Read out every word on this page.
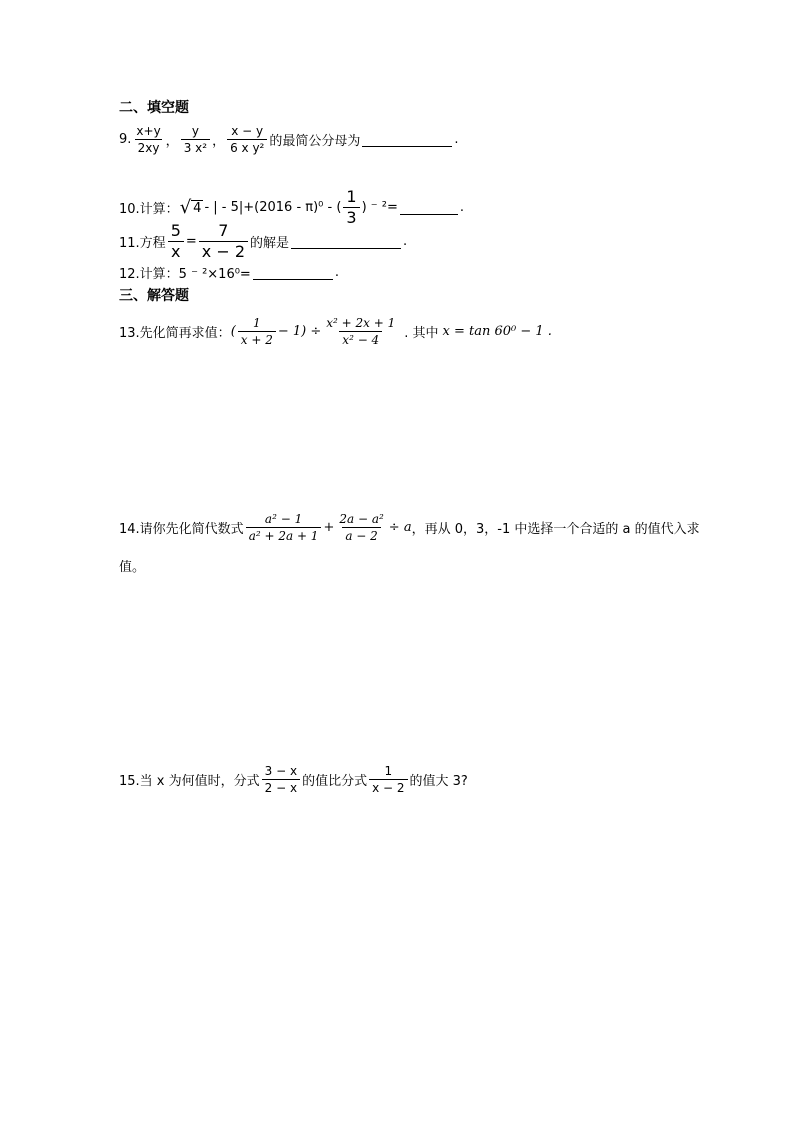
二、填空题
9. $\frac{x+y}{2xy}$ ， $\frac{y}{\text{3 x²}}$ ， $\frac{x - y}{\text{6 x y²}}$ 的最简公分母为	.
10.计算： √ 4 - | - 5|+(2016 - π)⁰ - ( $\frac{1}{3}$ ) ⁻ ²=	.
11.方程 $\frac{5}{x} = \frac{7}{x - 2}$ 的解是	.
12.计算：5 ⁻ ²×16⁰=	.
三、解答题
13.先化简再求值： ( $\frac{1}{x + 2} - 1) \div \frac{\text{x² + 2x + 1}}{\text{x² − 4}}$ . 其中 x = tan 60⁰ − 1 .
14.请你先化简代数式 $\frac{\text{a² − 1}}{\text{a² + 2a + 1}} + \frac{\text{2a − a²}}{a - 2} \div a$ ，再从 0，3，-1 中选择一个合适的 a 的值代入求
值。
15.当 x 为何值时，分式 $\frac{3 - x}{2 - x}$ 的值比分式 $\frac{1}{x - 2}$ 的值大 3?
